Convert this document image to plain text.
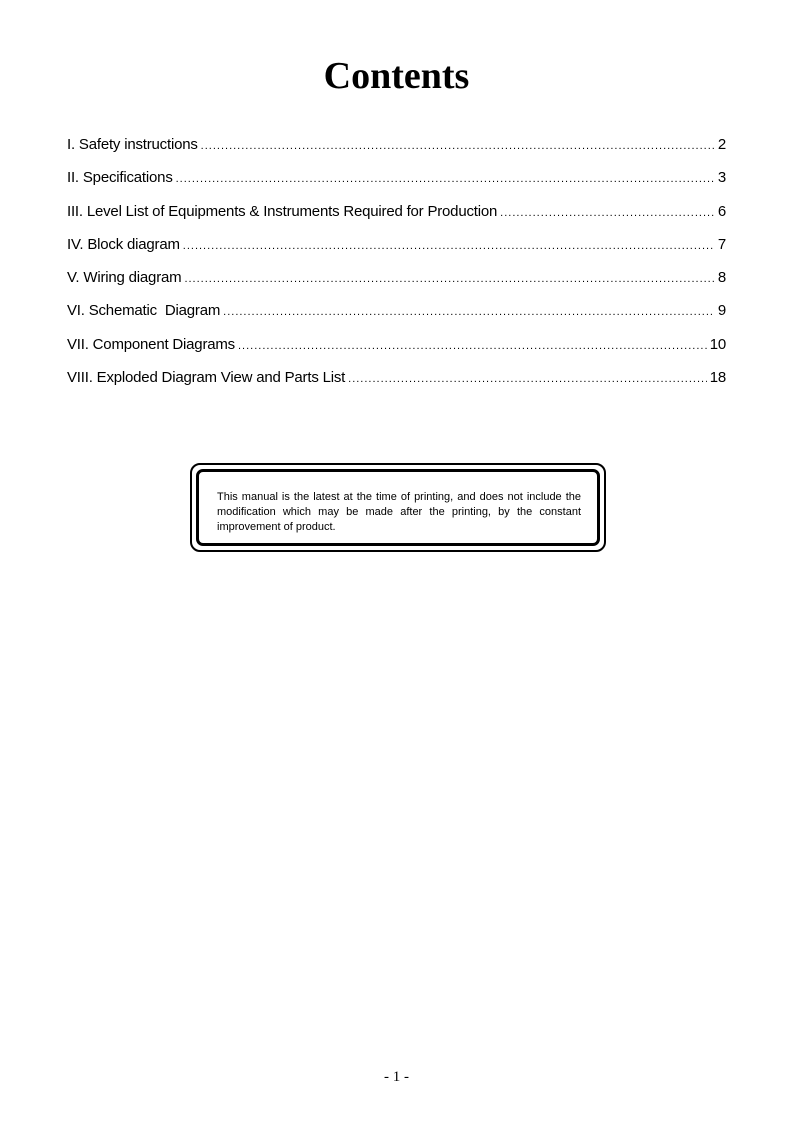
Contents
I. Safety instructions .....	2
II. Specifications .....	3
III. Level List of Equipments & Instruments Required for Production .....	6
IV. Block diagram .....	7
V. Wiring diagram .....	8
VI. Schematic  Diagram .....	9
VII. Component Diagrams .....	10
VIII. Exploded Diagram View and Parts List .....	18

This manual is the latest at the time of printing, and does not include the modification which may be made after the printing, by the constant improvement of product.

- 1 -
